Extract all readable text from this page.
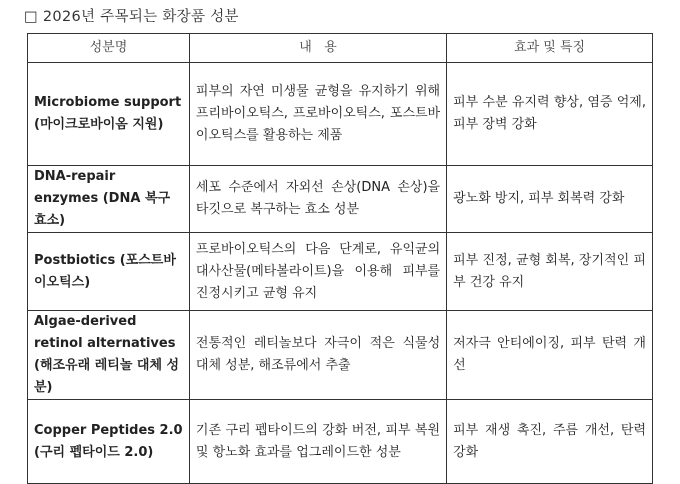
□ 2026년 주목되는 화장품 성분
성분명	내   용	효과 및 특징
Microbiome support (마이크로바이옴 지원)	피부의 자연 미생물 균형을 유지하기 위해 프리바이오틱스, 프로바이오틱스, 포스트바이오틱스를 활용하는 제품	피부 수분 유지력 향상, 염증 억제, 피부 장벽 강화
DNA-repair enzymes (DNA 복구 효소)	세포 수준에서 자외선 손상(DNA 손상)을 타깃으로 복구하는 효소 성분	광노화 방지, 피부 회복력 강화
Postbiotics (포스트바이오틱스)	프로바이오틱스의 다음 단계로, 유익균의 대사산물(메타볼라이트)을 이용해 피부를 진정시키고 균형 유지	피부 진정, 균형 회복, 장기적인 피부 건강 유지
Algae-derived retinol alternatives (해조유래 레티놀 대체 성분)	전통적인 레티놀보다 자극이 적은 식물성 대체 성분, 해조류에서 추출	저자극 안티에이징, 피부 탄력 개선
Copper Peptides 2.0 (구리 펩타이드 2.0)	기존 구리 펩타이드의 강화 버전, 피부 복원 및 항노화 효과를 업그레이드한 성분	피부 재생 촉진, 주름 개선, 탄력 강화
